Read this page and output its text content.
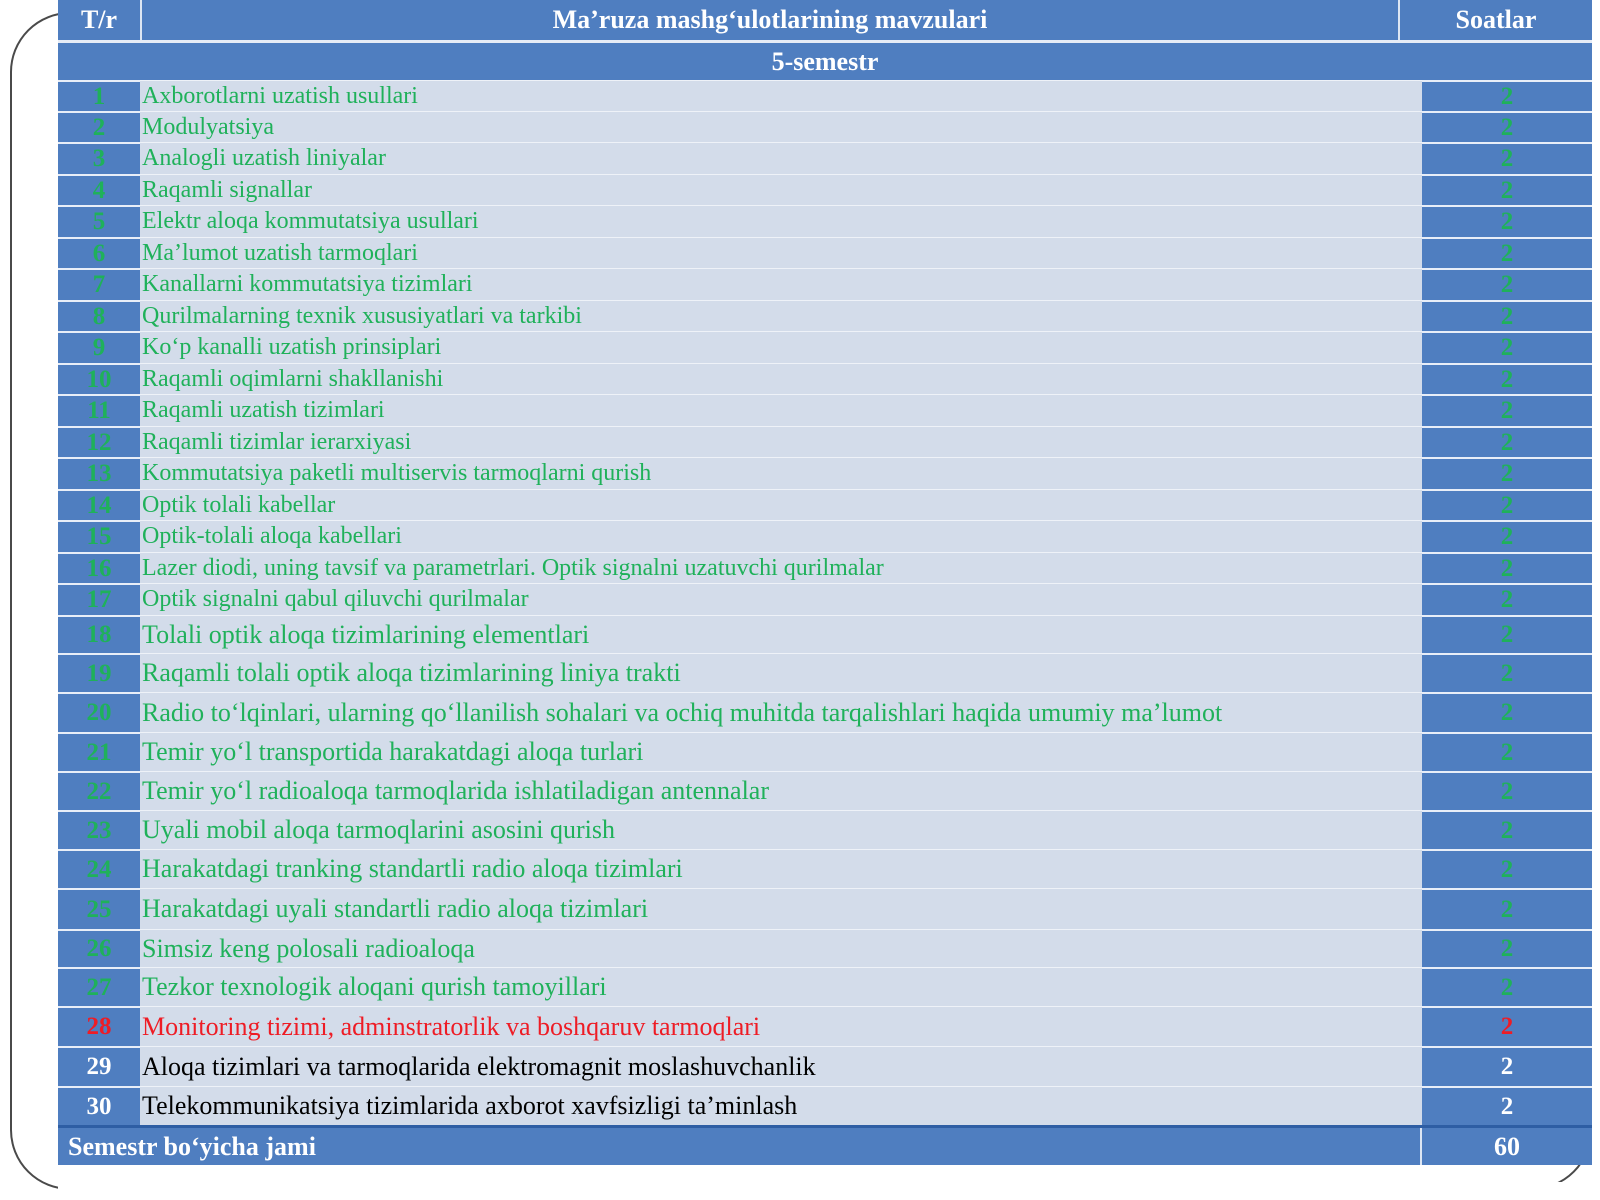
T/r	Ma’ruza mashg‘ulotlarining mavzulari	Soatlar
5-semestr
1	Axborotlarni uzatish usullari	2
2	Modulyatsiya	2
3	Analogli uzatish liniyalar	2
4	Raqamli signallar	2
5	Elektr aloqa kommutatsiya usullari	2
6	Ma’lumot uzatish tarmoqlari	2
7	Kanallarni kommutatsiya tizimlari	2
8	Qurilmalarning texnik xususiyatlari va tarkibi	2
9	Ko‘p kanalli uzatish prinsiplari	2
10	Raqamli oqimlarni shakllanishi	2
11	Raqamli uzatish tizimlari	2
12	Raqamli tizimlar ierarxiyasi	2
13	Kommutatsiya paketli multiservis tarmoqlarni qurish	2
14	Optik tolali kabellar	2
15	Optik-tolali aloqa kabellari	2
16	Lazer diodi, uning tavsif va parametrlari. Optik signalni uzatuvchi qurilmalar	2
17	Optik signalni qabul qiluvchi qurilmalar	2
18	Tolali optik aloqa tizimlarining elementlari	2
19	Raqamli tolali optik aloqa tizimlarining liniya trakti	2
20	Radio to‘lqinlari, ularning qo‘llanilish sohalari va ochiq muhitda tarqalishlari haqida umumiy ma’lumot	2
21	Temir yo‘l transportida harakatdagi aloqa turlari	2
22	Temir yo‘l radioaloqa tarmoqlarida ishlatiladigan antennalar	2
23	Uyali mobil aloqa tarmoqlarini asosini qurish	2
24	Harakatdagi tranking standartli radio aloqa tizimlari	2
25	Harakatdagi uyali standartli radio aloqa tizimlari	2
26	Simsiz keng polosali radioaloqa	2
27	Tezkor texnologik aloqani qurish tamoyillari	2
28	Monitoring tizimi, adminstratorlik va boshqaruv tarmoqlari	2
29	Aloqa tizimlari va tarmoqlarida elektromagnit moslashuvchanlik	2
30	Telekommunikatsiya tizimlarida axborot xavfsizligi ta’minlash	2
Semestr bo‘yicha jami	60
